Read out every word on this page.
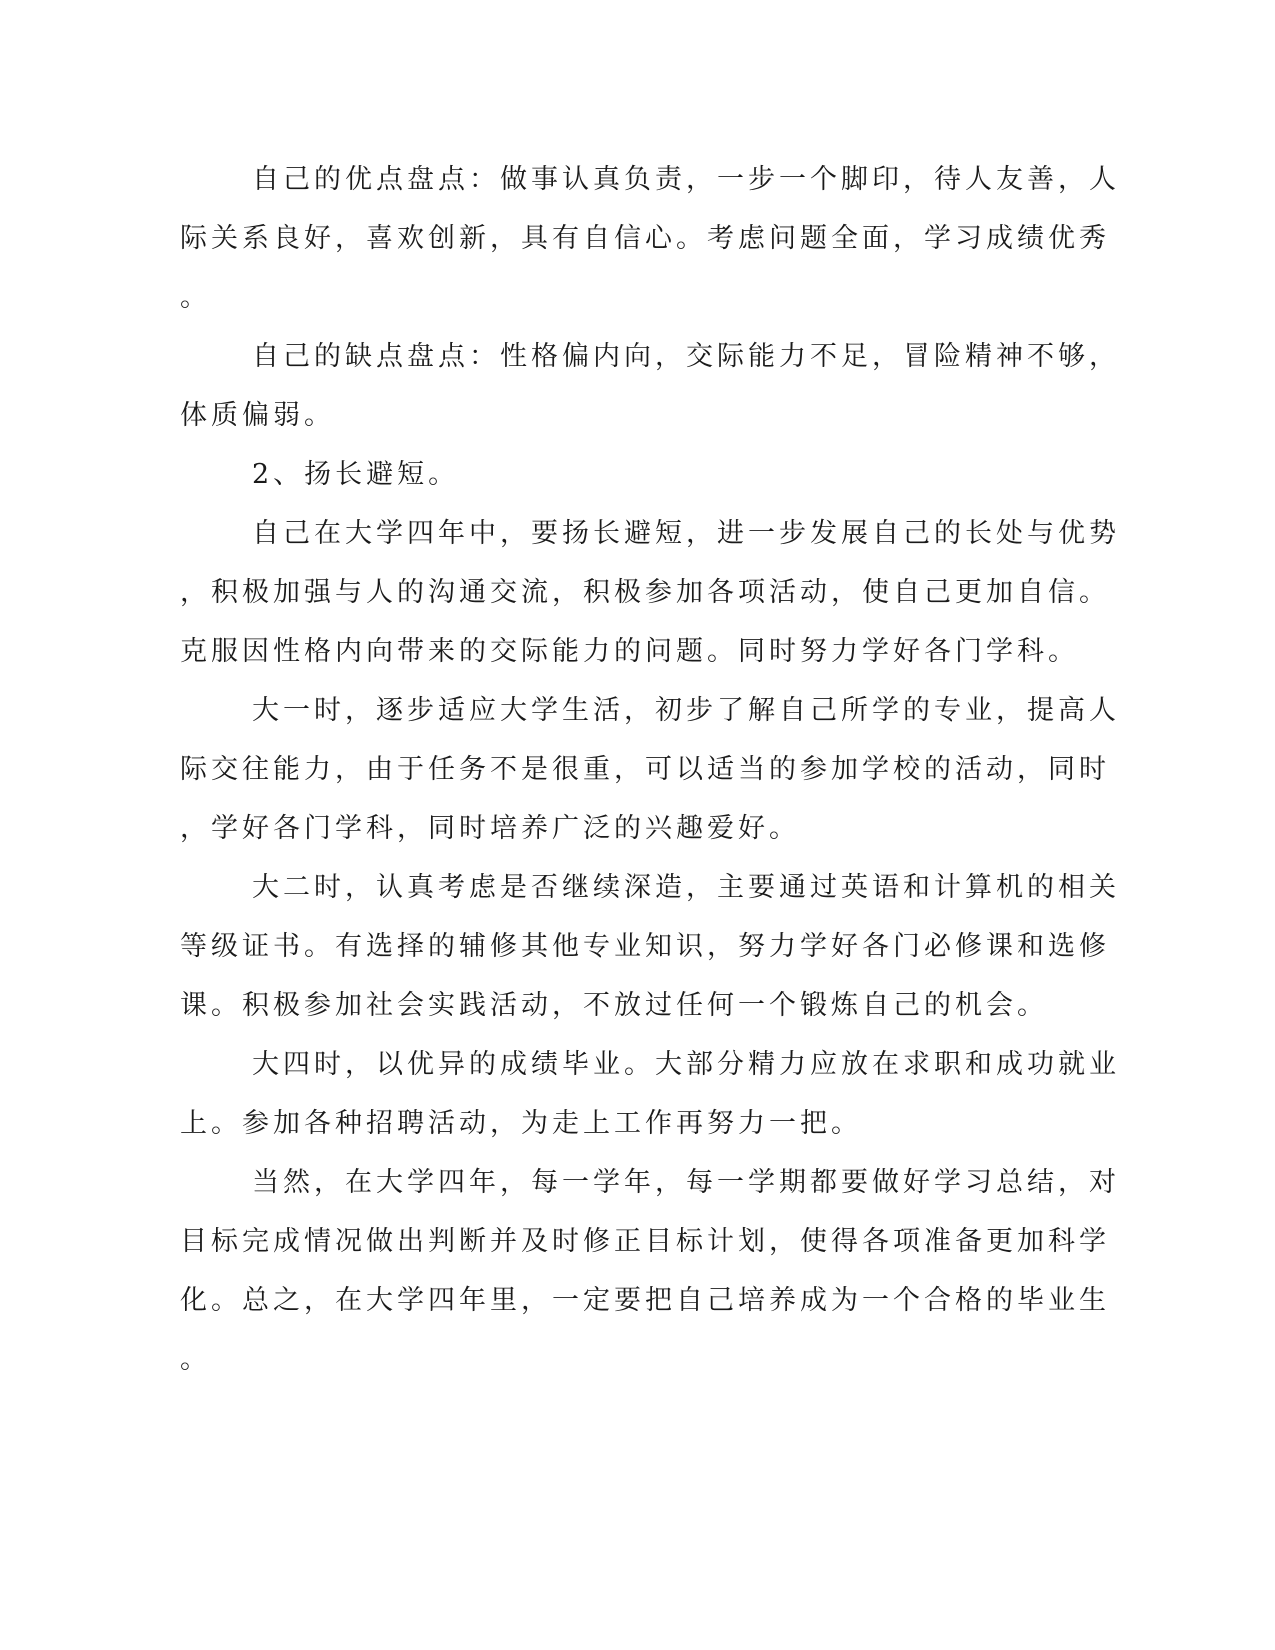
自己的优点盘点：做事认真负责，一步一个脚印，待人友善，人
际关系良好，喜欢创新，具有自信心。考虑问题全面，学习成绩优秀
。
自己的缺点盘点：性格偏内向，交际能力不足，冒险精神不够，
体质偏弱。
2、扬长避短。
自己在大学四年中，要扬长避短，进一步发展自己的长处与优势
，积极加强与人的沟通交流，积极参加各项活动，使自己更加自信。
克服因性格内向带来的交际能力的问题。同时努力学好各门学科。
大一时，逐步适应大学生活，初步了解自己所学的专业，提高人
际交往能力，由于任务不是很重，可以适当的参加学校的活动，同时
，学好各门学科，同时培养广泛的兴趣爱好。
大二时，认真考虑是否继续深造，主要通过英语和计算机的相关
等级证书。有选择的辅修其他专业知识，努力学好各门必修课和选修
课。积极参加社会实践活动，不放过任何一个锻炼自己的机会。
大四时，以优异的成绩毕业。大部分精力应放在求职和成功就业
上。参加各种招聘活动，为走上工作再努力一把。
当然，在大学四年，每一学年，每一学期都要做好学习总结，对
目标完成情况做出判断并及时修正目标计划，使得各项准备更加科学
化。总之，在大学四年里，一定要把自己培养成为一个合格的毕业生
。
